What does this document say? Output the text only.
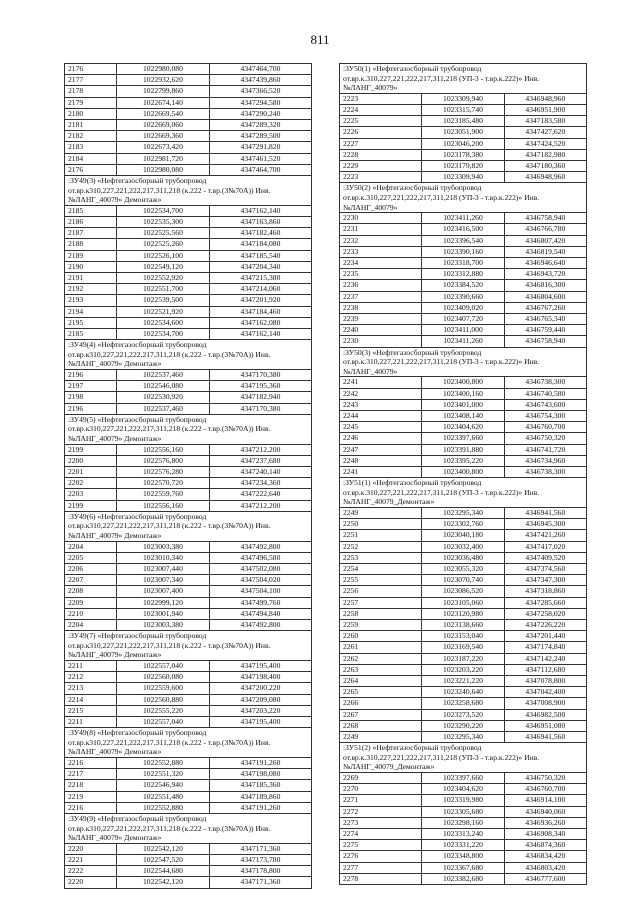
811
2176	1022980,080	4347464,700
2177	1022932,620	4347439,860
2178	1022799,860	4347366,520
2179	1022674,140	4347294,580
2180	1022669,540	4347290,240
2181	1022669,060	4347289,320
2182	1022669,360	4347289,500
2183	1022673,420	4347291,820
2184	1022981,720	4347461,520
2176	1022980,080	4347464,700
:ЗУ49(3) «Нефтегазосборный трубопровод от.вр.к310,227,221,222,217,311,218 (к.222 - т.вр.(3№70А)) Инв. №ЛАНГ_40079» Демонтаж»		
2185	1022534,700	4347162,140
2186	1022535,300	4347163,860
2187	1022525,560	4347182,460
2188	1022525,260	4347184,080
2189	1022526,100	4347185,540
2190	1022549,120	4347204,340
2191	1022552,920	4347215,380
2192	1022551,700	4347214,060
2193	1022539,500	4347201,920
2194	1022521,920	4347184,460
2195	1022534,600	4347162,080
2185	1022534,700	4347162,140
:ЗУ49(4) «Нефтегазосборный трубопровод от.вр.к310,227,221,222,217,311,218 (к.222 - т.вр.(3№70А)) Инв. №ЛАНГ_40079» Демонтаж»		
2196	1022537,460	4347170,380
2197	1022546,080	4347195,360
2198	1022530,920	4347182,940
2196	1022537,460	4347170,380
:ЗУ49(5) «Нефтегазосборный трубопровод от.вр.к310,227,221,222,217,311,218 (к.222 - т.вр.(3№70А)) Инв. №ЛАНГ_40079» Демонтаж»		
2199	1022556,160	4347212,200
2200	1022576,800	4347237,680
2201	1022576,280	4347240,140
2202	1022570,720	4347234,360
2203	1022559,760	4347222,640
2199	1022556,160	4347212,200
:ЗУ49(6) «Нефтегазосборный трубопровод от.вр.к310,227,221,222,217,311,218 (к.222 - т.вр.(3№70А)) Инв. №ЛАНГ_40079» Демонтаж»		
2204	1023003,380	4347492,800
2205	1023010,340	4347496,580
2206	1023007,440	4347502,080
2207	1023007,340	4347504,020
2208	1023007,400	4347504,100
2209	1022999,120	4347499,760
2210	1023001,940	4347494,840
2204	1023003,380	4347492,800
:ЗУ49(7) «Нефтегазосборный трубопровод от.вр.к310,227,221,222,217,311,218 (к.222 - т.вр.(3№70А)) Инв. №ЛАНГ_40079» Демонтаж»		
2211	1022557,040	4347195,400
2212	1022560,080	4347198,400
2213	1022559,600	4347200,220
2214	1022560,880	4347209,080
2215	1022555,220	4347203,220
2211	1022557,040	4347195,400
:ЗУ49(8) «Нефтегазосборный трубопровод от.вр.к310,227,221,222,217,311,218 (к.222 - т.вр.(3№70А)) Инв. №ЛАНГ_40079» Демонтаж»		
2216	1022552,880	4347191,260
2217	1022551,320	4347198,080
2218	1022546,940	4347185,360
2219	1022551,480	4347189,860
2216	1022552,880	4347191,260
:ЗУ49(9) «Нефтегазосборный трубопровод от.вр.к310,227,221,222,217,311,218 (к.222 - т.вр.(3№70А)) Инв. №ЛАНГ_40079» Демонтаж»		
2220	1022542,120	4347171,360
2221	1022547,520	4347173,780
2222	1022544,680	4347178,800
2220	1022542,120	4347171,360
:ЗУ50(1) «Нефтегазосборный трубопровод от.вр.к.310,227,221,222,217,311,218 (УП-3 - т.вр.к.222)» Инв. №ЛАНГ_40079»		
2223	1023309,940	4346948,960
2224	1023315,740	4346951,900
2225	1023185,480	4347183,580
2226	1023051,900	4347427,620
2227	1023046,200	4347424,520
2228	1023178,380	4347182,980
2229	1023179,820	4347180,360
2223	1023309,940	4346948,960
:ЗУ50(2) «Нефтегазосборный трубопровод от.вр.к.310,227,221,222,217,311,218 (УП-3 - т.вр.к.222)» Инв. №ЛАНГ_40079»		
2230	1023411,260	4346758,940
2231	1023416,500	4346766,780
2232	1023396,540	4346807,420
2233	1023390,160	4346819,540
2234	1023318,700	4346946,640
2235	1023312,880	4346943,720
2236	1023384,520	4346816,300
2237	1023390,660	4346804,600
2238	1023409,020	4346767,260
2239	1023407,720	4346765,340
2240	1023411,000	4346759,440
2230	1023411,260	4346758,940
:ЗУ50(3) «Нефтегазосборный трубопровод от.вр.к.310,227,221,222,217,311,218 (УП-3 - т.вр.к.222)» Инв. №ЛАНГ_40079»		
2241	1023400,800	4346738,300
2242	1023400,160	4346740,580
2243	1023401,000	4346743,600
2244	1023408,140	4346754,300
2245	1023404,620	4346760,700
2246	1023397,660	4346750,320
2247	1023391,880	4346741,720
2248	1023395,220	4346734,960
2241	1023400,800	4346738,300
:ЗУ51(1) «Нефтегазосборный трубопровод от.вр.к.310,227,221,222,217,311,218 (УП-3 - т.вр.к.222)» Инв. №ЛАНГ_40079_Демонтаж»		
2249	1023295,340	4346941,560
2250	1023302,760	4346945,300
2251	1023040,180	4347421,260
2252	1023032,400	4347417,020
2253	1023036,480	4347409,520
2254	1023055,320	4347374,560
2255	1023070,740	4347347,300
2256	1023086,520	4347318,860
2257	1023105,060	4347285,660
2258	1023120,980	4347258,020
2259	1023138,660	4347226,220
2260	1023153,040	4347201,440
2261	1023169,540	4347174,840
2262	1023187,220	4347142,240
2263	1023203,220	4347112,680
2264	1023221,220	4347078,800
2265	1023240,640	4347042,400
2266	1023258,680	4347008,900
2267	1023273,520	4346982,500
2268	1023290,220	4346951,080
2249	1023295,340	4346941,560
:ЗУ51(2) «Нефтегазосборный трубопровод от.вр.к.310,227,221,222,217,311,218 (УП-3 - т.вр.к.222)» Инв. №ЛАНГ_40079_Демонтаж»		
2269	1023397,660	4346750,320
2270	1023404,620	4346760,700
2271	1023319,980	4346914,100
2272	1023305,680	4346940,060
2273	1023298,160	4346936,260
2274	1023313,240	4346908,340
2275	1023331,220	4346874,360
2276	1023348,800	4346834,420
2277	1023367,680	4346803,420
2278	1023382,680	4346777,600
